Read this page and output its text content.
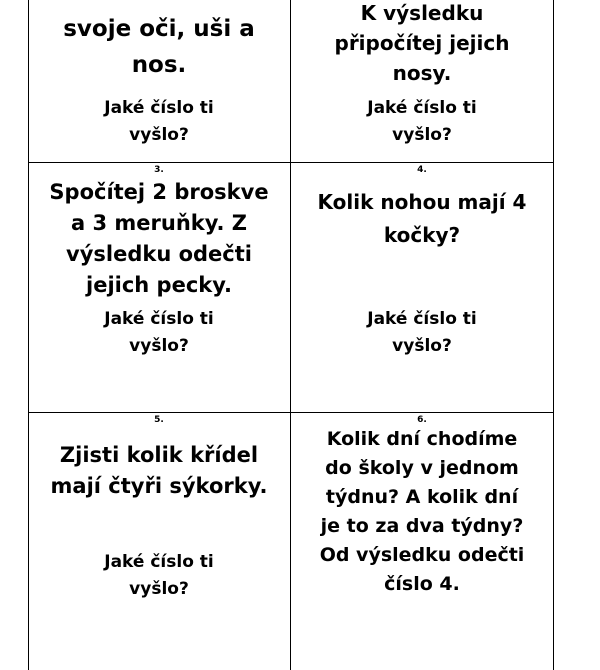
svoje oči, uši a
nos.
Jaké číslo ti
vyšlo?
K výsledku
připočítej jejich
nosy.
Jaké číslo ti
vyšlo?
3.
Spočítej 2 broskve
a 3 meruňky. Z
výsledku odečti
jejich pecky.
Jaké číslo ti
vyšlo?
4.
Kolik nohou mají 4
kočky?
Jaké číslo ti
vyšlo?
5.
Zjisti kolik křídel
mají čtyři sýkorky.
Jaké číslo ti
vyšlo?
6.
Kolik dní chodíme
do školy v jednom
týdnu? A kolik dní
je to za dva týdny?
Od výsledku odečti
číslo 4.
